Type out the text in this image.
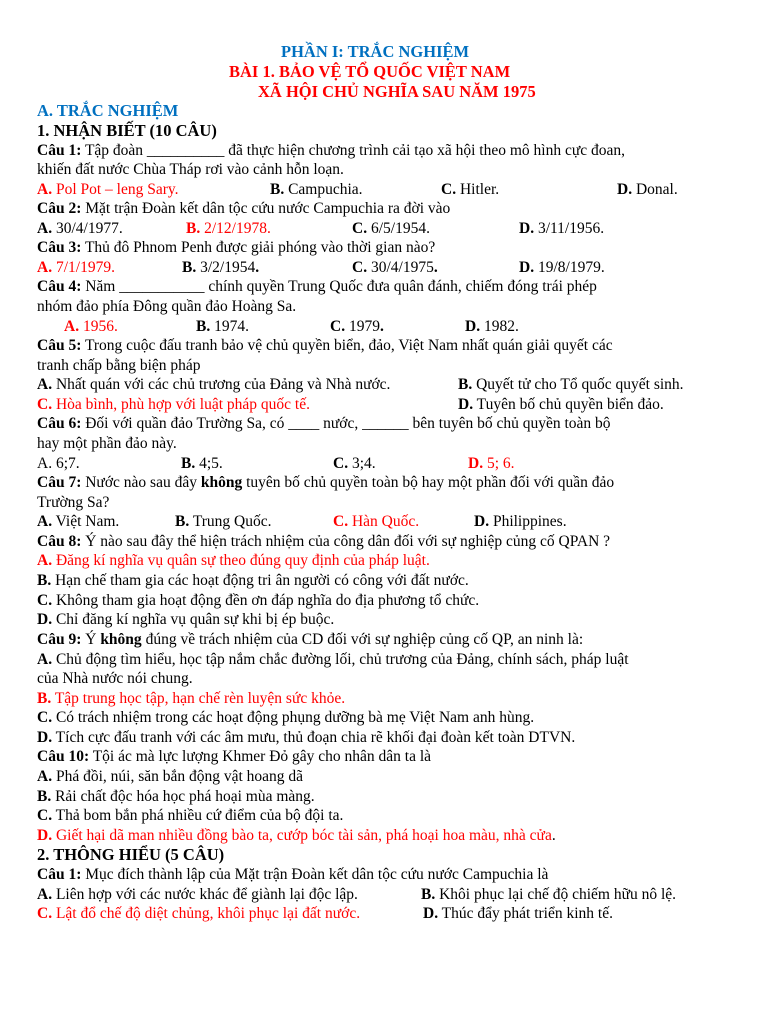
PHẦN I: TRẮC NGHIỆM
BÀI 1. BẢO VỆ TỔ QUỐC VIỆT NAM
XÃ HỘI CHỦ NGHĨA SAU NĂM 1975
A. TRẮC NGHIỆM
1. NHẬN BIẾT (10 CÂU)
Câu 1: Tập đoàn __________ đã thực hiện chương trình cải tạo xã hội theo mô hình cực đoan,
khiến đất nước Chùa Tháp rơi vào cảnh hỗn loạn.
A. Pol Pot – leng Sary.	B. Campuchia.	C. Hitler.	D. Donal.
Câu 2: Mặt trận Đoàn kết dân tộc cứu nước Campuchia ra đời vào
A. 30/4/1977.	B. 2/12/1978.	C. 6/5/1954.	D. 3/11/1956.
Câu 3: Thủ đô Phnom Penh được giải phóng vào thời gian nào?
A. 7/1/1979.	B. 3/2/1954.	C. 30/4/1975.	D. 19/8/1979.
Câu 4: Năm ___________ chính quyền Trung Quốc đưa quân đánh, chiếm đóng trái phép
nhóm đảo phía Đông quần đảo Hoàng Sa.
A. 1956.	B. 1974.	C. 1979.	D. 1982.
Câu 5: Trong cuộc đấu tranh bảo vệ chủ quyền biển, đảo, Việt Nam nhất quán giải quyết các
tranh chấp bằng biện pháp
A. Nhất quán với các chủ trương của Đảng và Nhà nước.	B. Quyết tử cho Tổ quốc quyết sinh.
C. Hòa bình, phù hợp với luật pháp quốc tế.	D. Tuyên bố chủ quyền biển đảo.
Câu 6: Đối với quần đảo Trường Sa, có ____ nước, ______ bên tuyên bố chủ quyền toàn bộ
hay một phần đảo này.
A. 6;7.	B. 4;5.	C. 3;4.	D. 5; 6.
Câu 7: Nước nào sau đây không tuyên bố chủ quyền toàn bộ hay một phần đối với quần đảo
Trường Sa?
A. Việt Nam.	B. Trung Quốc.	C. Hàn Quốc.	D. Philippines.
Câu 8: Ý nào sau đây thể hiện trách nhiệm của công dân đối với sự nghiệp củng cố QPAN ?
A. Đăng kí nghĩa vụ quân sự theo đúng quy định của pháp luật.
B. Hạn chế tham gia các hoạt động tri ân người có công với đất nước.
C. Không tham gia hoạt động đền ơn đáp nghĩa do địa phương tổ chức.
D. Chỉ đăng kí nghĩa vụ quân sự khi bị ép buộc.
Câu 9: Ý không đúng về trách nhiệm của CD đối với sự nghiệp củng cố QP, an ninh là:
A. Chủ động tìm hiểu, học tập nắm chắc đường lối, chủ trương của Đảng, chính sách, pháp luật
của Nhà nước nói chung.
B. Tập trung học tập, hạn chế rèn luyện sức khỏe.
C. Có trách nhiệm trong các hoạt động phụng dưỡng bà mẹ Việt Nam anh hùng.
D. Tích cực đấu tranh với các âm mưu, thủ đoạn chia rẽ khối đại đoàn kết toàn DTVN.
Câu 10: Tội ác mà lực lượng Khmer Đỏ gây cho nhân dân ta là
A. Phá đồi, núi, săn bắn động vật hoang dã
B. Rải chất độc hóa học phá hoại mùa màng.
C. Thả bom bắn phá nhiều cứ điểm của bộ đội ta.
D. Giết hại dã man nhiều đồng bào ta, cướp bóc tài sản, phá hoại hoa màu, nhà cửa.
2. THÔNG HIỂU (5 CÂU)
Câu 1: Mục đích thành lập của Mặt trận Đoàn kết dân tộc cứu nước Campuchia là
A. Liên hợp với các nước khác để giành lại độc lập.	B. Khôi phục lại chế độ chiếm hữu nô lệ.
C. Lật đổ chế độ diệt chủng, khôi phục lại đất nước.	D. Thúc đẩy phát triển kinh tế.
